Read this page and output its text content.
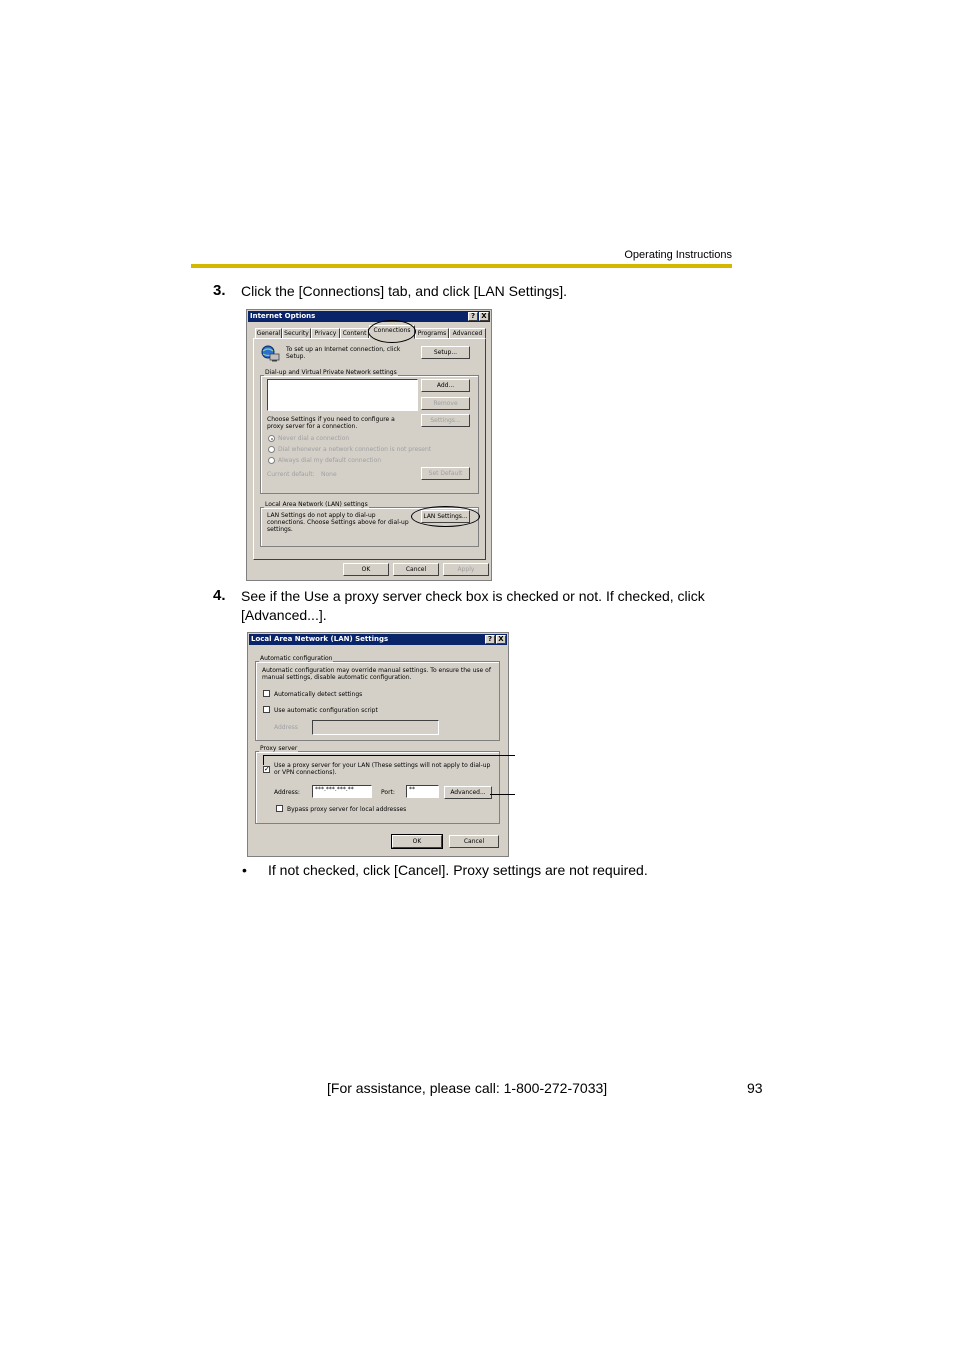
Operating Instructions
3. Click the [Connections] tab, and click [LAN Settings].
Internet Options	? X
General Security Privacy	Content	Connections	Programs	Advanced
To set up an Internet connection, click Setup.
Setup...
Dial-up and Virtual Private Network settings
Add...
Remove
Choose Settings if you need to configure a proxy server for a connection.
Settings...
Never dial a connection
Dial whenever a network connection is not present
Always dial my default connection
Current default: None	Set Default
Local Area Network (LAN) settings
LAN Settings do not apply to dial-up connections. Choose Settings above for dial-up settings.
LAN Settings...
OK	Cancel	Apply
4. See if the Use a proxy server check box is checked or not. If checked, click
[Advanced...].
Local Area Network (LAN) Settings	? X
Automatic configuration
Automatic configuration may override manual settings. To ensure the use of manual settings, disable automatic configuration.
Automatically detect settings
Use automatic configuration script
Address
Proxy server
✓ Use a proxy server for your LAN (These settings will not apply to dial-up or VPN connections).
Address:	***.***.***.**	Port:	**	Advanced...
Bypass proxy server for local addresses
OK	Cancel
• If not checked, click [Cancel]. Proxy settings are not required.
[For assistance, please call: 1-800-272-7033]	93
